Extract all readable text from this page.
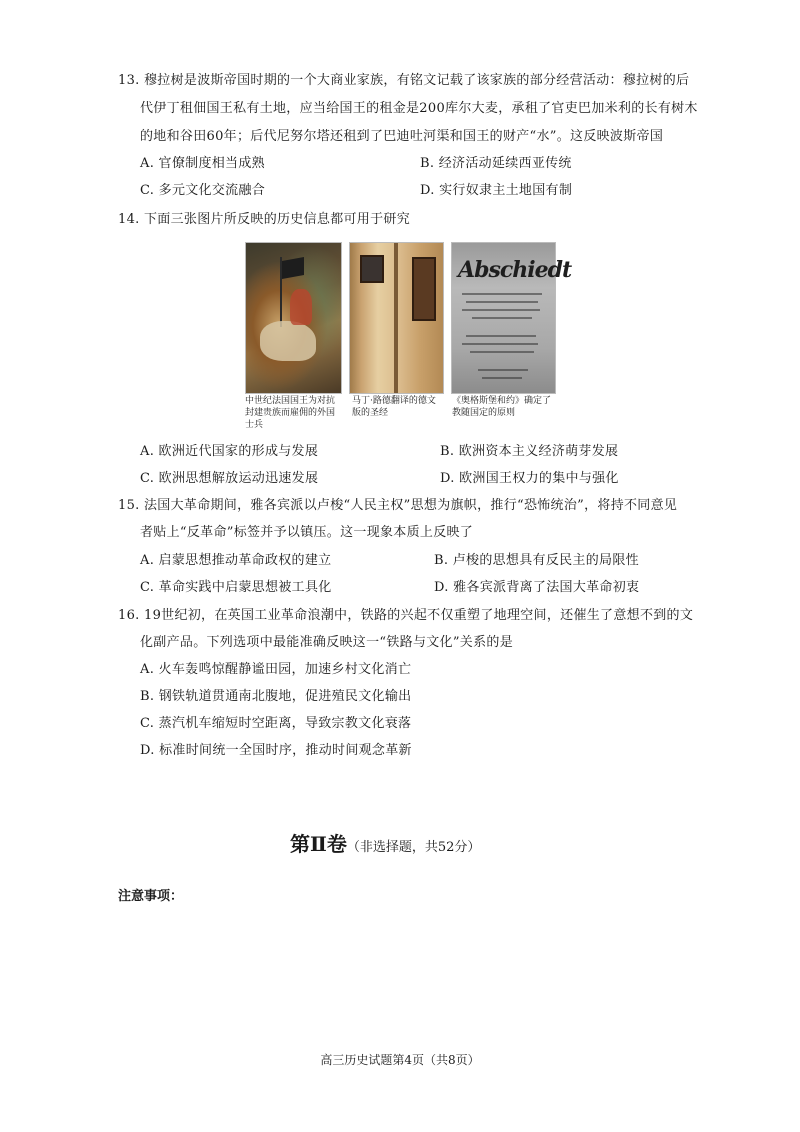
13. 穆拉树是波斯帝国时期的一个大商业家族，有铭文记载了该家族的部分经营活动：穆拉树的后
代伊丁租佃国王私有土地，应当给国王的租金是200库尔大麦，承租了官吏巴加米利的长有树木
的地和谷田60年；后代尼努尔塔还租到了巴迪吐河渠和国王的财产“水”。这反映波斯帝国
A. 官僚制度相当成熟	B. 经济活动延续西亚传统
C. 多元文化交流融合	D. 实行奴隶主土地国有制
14. 下面三张图片所反映的历史信息都可用于研究
Abschiedt
中世纪法国国王为对抗封建贵族而雇佣的外国士兵
马丁·路德翻译的德文版的圣经
《奥格斯堡和约》确定了教随国定的原则
A. 欧洲近代国家的形成与发展	B. 欧洲资本主义经济萌芽发展
C. 欧洲思想解放运动迅速发展	D. 欧洲国王权力的集中与强化
15. 法国大革命期间，雅各宾派以卢梭“人民主权”思想为旗帜，推行“恐怖统治”，将持不同意见
者贴上“反革命”标签并予以镇压。这一现象本质上反映了
A. 启蒙思想推动革命政权的建立	B. 卢梭的思想具有反民主的局限性
C. 革命实践中启蒙思想被工具化	D. 雅各宾派背离了法国大革命初衷
16. 19世纪初，在英国工业革命浪潮中，铁路的兴起不仅重塑了地理空间，还催生了意想不到的文
化副产品。下列选项中最能准确反映这一“铁路与文化”关系的是
A. 火车轰鸣惊醒静谧田园，加速乡村文化消亡
B. 钢铁轨道贯通南北腹地，促进殖民文化输出
C. 蒸汽机车缩短时空距离，导致宗教文化衰落
D. 标准时间统一全国时序，推动时间观念革新
第Ⅱ卷（非选择题，共52分）
注意事项：
高三历史试题第4页（共8页）
